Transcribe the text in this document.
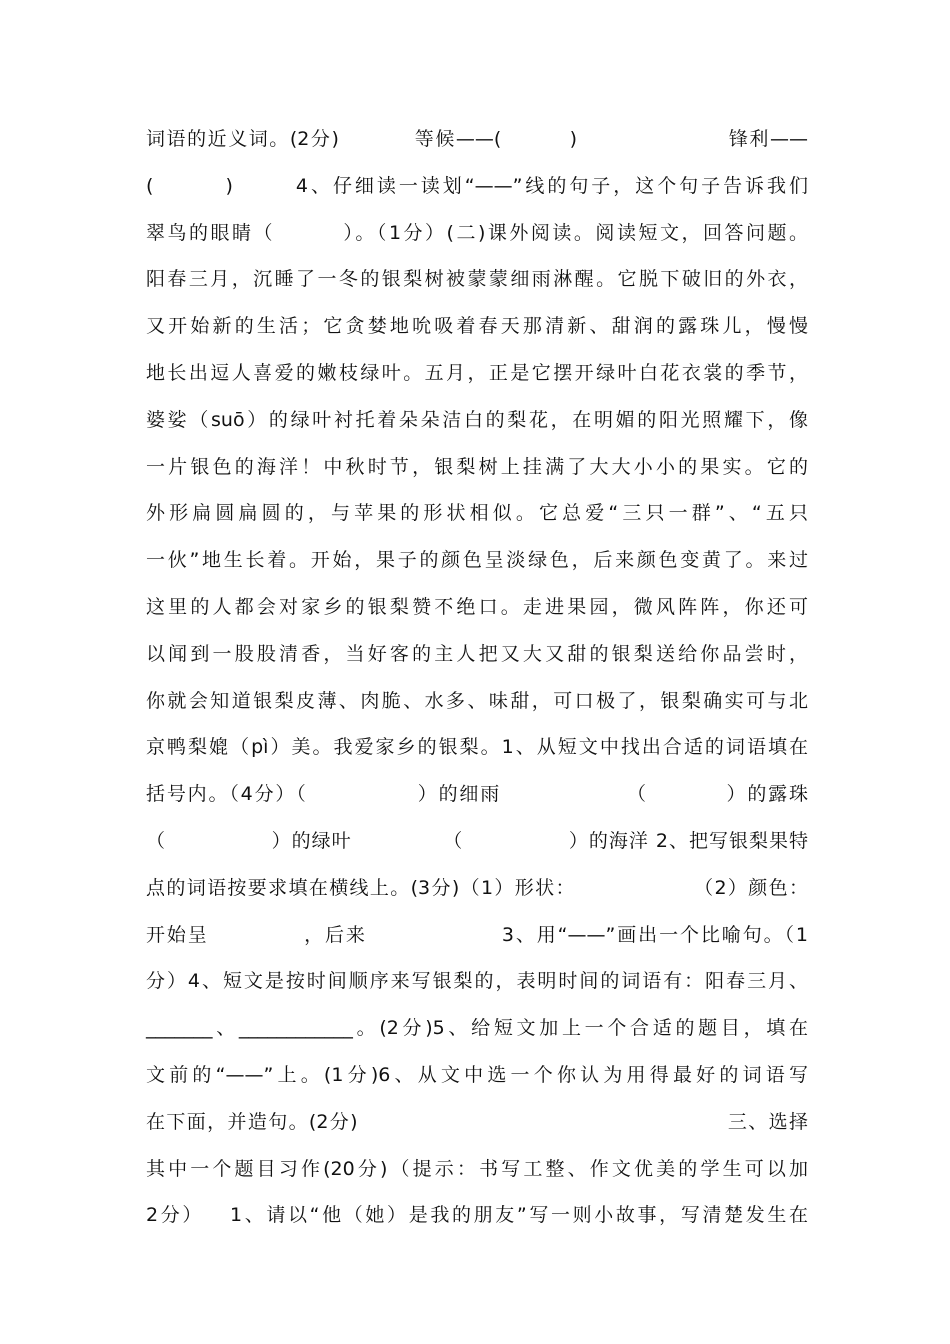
词语的近义词。(2分)          等候——(         )                    锋利——
(        )       4、仔细读一读划“——”线的句子，这个句子告诉我们
翠鸟的眼睛（        ）。（1分）(二)课外阅读。阅读短文，回答问题。
阳春三月，沉睡了一冬的银梨树被蒙蒙细雨淋醒。它脱下破旧的外衣，
又开始新的生活；它贪婪地吮吸着春天那清新、甜润的露珠儿，慢慢
地长出逗人喜爱的嫩枝绿叶。五月，正是它摆开绿叶白花衣裳的季节，
婆娑（suō）的绿叶衬托着朵朵洁白的梨花，在明媚的阳光照耀下，像
一片银色的海洋！中秋时节，银梨树上挂满了大大小小的果实。它的
外形扁圆扁圆的，与苹果的形状相似。它总爱“三只一群”、“五只
一伙”地生长着。开始，果子的颜色呈淡绿色，后来颜色变黄了。来过
这里的人都会对家乡的银梨赞不绝口。走进果园，微风阵阵，你还可
以闻到一股股清香，当好客的主人把又大又甜的银梨送给你品尝时，
你就会知道银梨皮薄、肉脆、水多、味甜，可口极了，银梨确实可与北
京鸭梨媲（pì）美。我爱家乡的银梨。1、从短文中找出合适的词语填在
括号内。（4分）（              ）的细雨                （          ）的露珠
（               ）的绿叶             （               ）的海洋 2、把写银梨果特
点的词语按要求填在横线上。(3分)（1）形状：                （2）颜色：
开始呈            ，后来                 3、用“——”画出一个比喻句。（1
分）4、短文是按时间顺序来写银梨的，表明时间的词语有：阳春三月、
_______、____________。(2分)5、给短文加上一个合适的题目，填在
文前的“——”上。(1分)6、从文中选一个你认为用得最好的词语写
在下面，并造句。(2分)                                                  三、选择
其中一个题目习作(20分)（提示：书写工整、作文优美的学生可以加
2分）   1、请以“他（她）是我的朋友”写一则小故事，写清楚发生在
